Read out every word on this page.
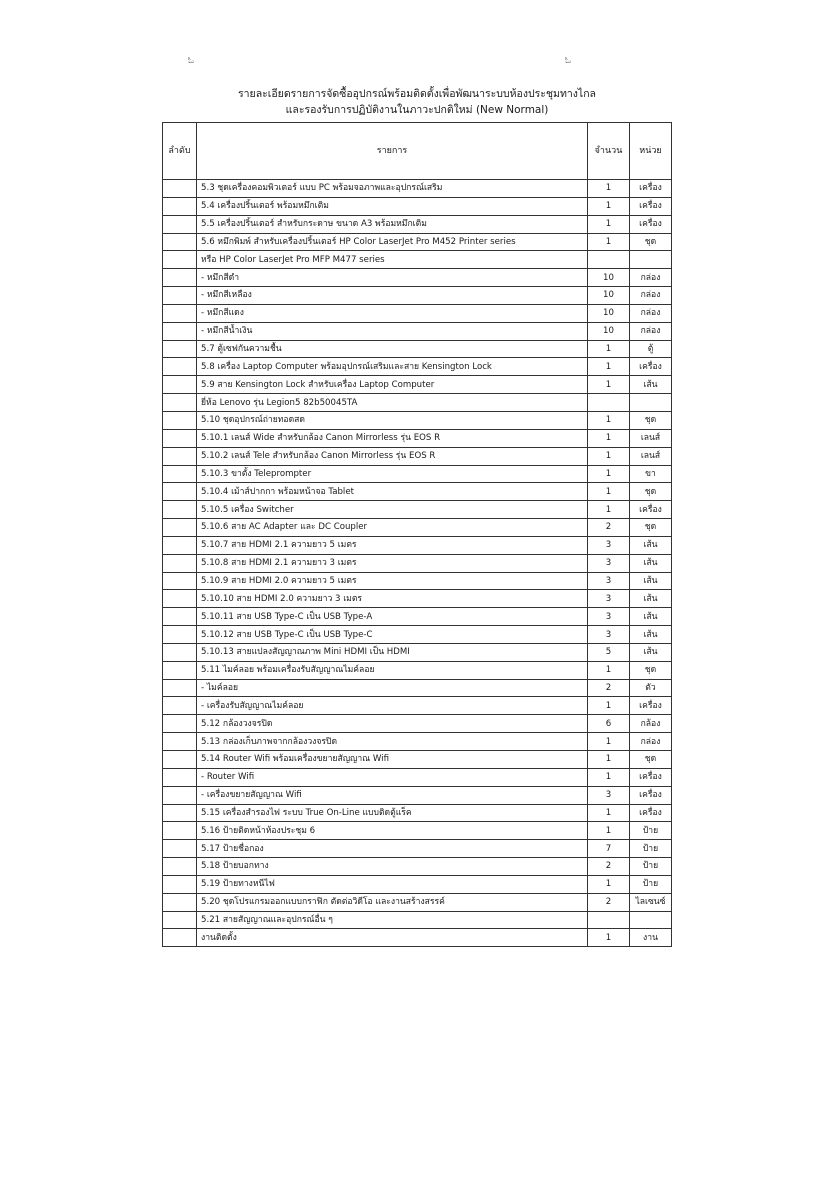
ಓ	ಓ
รายละเอียดรายการจัดซื้ออุปกรณ์พร้อมติดตั้งเพื่อพัฒนาระบบห้องประชุมทางไกล
และรองรับการปฏิบัติงานในภาวะปกติใหม่ (New Normal)
ลำดับ	รายการ	จำนวน	หน่วย
	5.3 ชุดเครื่องคอมพิวเตอร์ แบบ PC พร้อมจอภาพและอุปกรณ์เสริม	1	เครื่อง
	5.4 เครื่องปริ้นเตอร์ พร้อมหมึกเติม	1	เครื่อง
	5.5 เครื่องปริ้นเตอร์ สำหรับกระดาษ ขนาด A3 พร้อมหมึกเติม	1	เครื่อง
	5.6 หมึกพิมพ์ สำหรับเครื่องปริ้นเตอร์ HP Color LaserJet Pro M452 Printer series	1	ชุด
	หรือ HP Color LaserJet Pro MFP M477 series		
	- หมึกสีดำ	10	กล่อง
	- หมึกสีเหลือง	10	กล่อง
	- หมึกสีแดง	10	กล่อง
	- หมึกสีน้ำเงิน	10	กล่อง
	5.7 ตู้เซฟกันความชื้น	1	ตู้
	5.8 เครื่อง Laptop Computer พร้อมอุปกรณ์เสริมและสาย Kensington Lock	1	เครื่อง
	5.9 สาย Kensington Lock สำหรับเครื่อง Laptop Computer	1	เส้น
	ยี่ห้อ Lenovo รุ่น Legion5 82b50045TA		
	5.10 ชุดอุปกรณ์ถ่ายทอดสด	1	ชุด
	5.10.1 เลนส์ Wide สำหรับกล้อง Canon Mirrorless รุ่น EOS R	1	เลนส์
	5.10.2 เลนส์ Tele สำหรับกล้อง Canon Mirrorless รุ่น EOS R	1	เลนส์
	5.10.3 ขาตั้ง Teleprompter	1	ขา
	5.10.4 เม้าส์ปากกา พร้อมหน้าจอ Tablet	1	ชุด
	5.10.5 เครื่อง Switcher	1	เครื่อง
	5.10.6 สาย AC Adapter และ DC Coupler	2	ชุด
	5.10.7 สาย HDMI 2.1 ความยาว 5 เมตร	3	เส้น
	5.10.8 สาย HDMI 2.1 ความยาว 3 เมตร	3	เส้น
	5.10.9 สาย HDMI 2.0 ความยาว 5 เมตร	3	เส้น
	5.10.10 สาย HDMI 2.0 ความยาว 3 เมตร	3	เส้น
	5.10.11 สาย USB Type-C เป็น USB Type-A	3	เส้น
	5.10.12 สาย USB Type-C เป็น USB Type-C	3	เส้น
	5.10.13 สายแปลงสัญญาณภาพ Mini HDMI เป็น HDMI	5	เส้น
	5.11 ไมค์ลอย พร้อมเครื่องรับสัญญาณไมค์ลอย	1	ชุด
	- ไมค์ลอย	2	ตัว
	- เครื่องรับสัญญาณไมค์ลอย	1	เครื่อง
	5.12 กล้องวงจรปิด	6	กล้อง
	5.13 กล่องเก็บภาพจากกล้องวงจรปิด	1	กล่อง
	5.14 Router Wifi พร้อมเครื่องขยายสัญญาณ Wifi	1	ชุด
	- Router Wifi	1	เครื่อง
	- เครื่องขยายสัญญาณ Wifi	3	เครื่อง
	5.15 เครื่องสำรองไฟ ระบบ True On-Line แบบติดตู้แร็ค	1	เครื่อง
	5.16 ป้ายติดหน้าห้องประชุม 6	1	ป้าย
	5.17 ป้ายชื่อกอง	7	ป้าย
	5.18 ป้ายบอกทาง	2	ป้าย
	5.19 ป้ายทางหนีไฟ	1	ป้าย
	5.20 ชุดโปรแกรมออกแบบกราฟิก ตัดต่อวิดีโอ และงานสร้างสรรค์	2	ไลเซนซ์
	5.21 สายสัญญาณและอุปกรณ์อื่น ๆ		
	งานติดตั้ง	1	งาน
